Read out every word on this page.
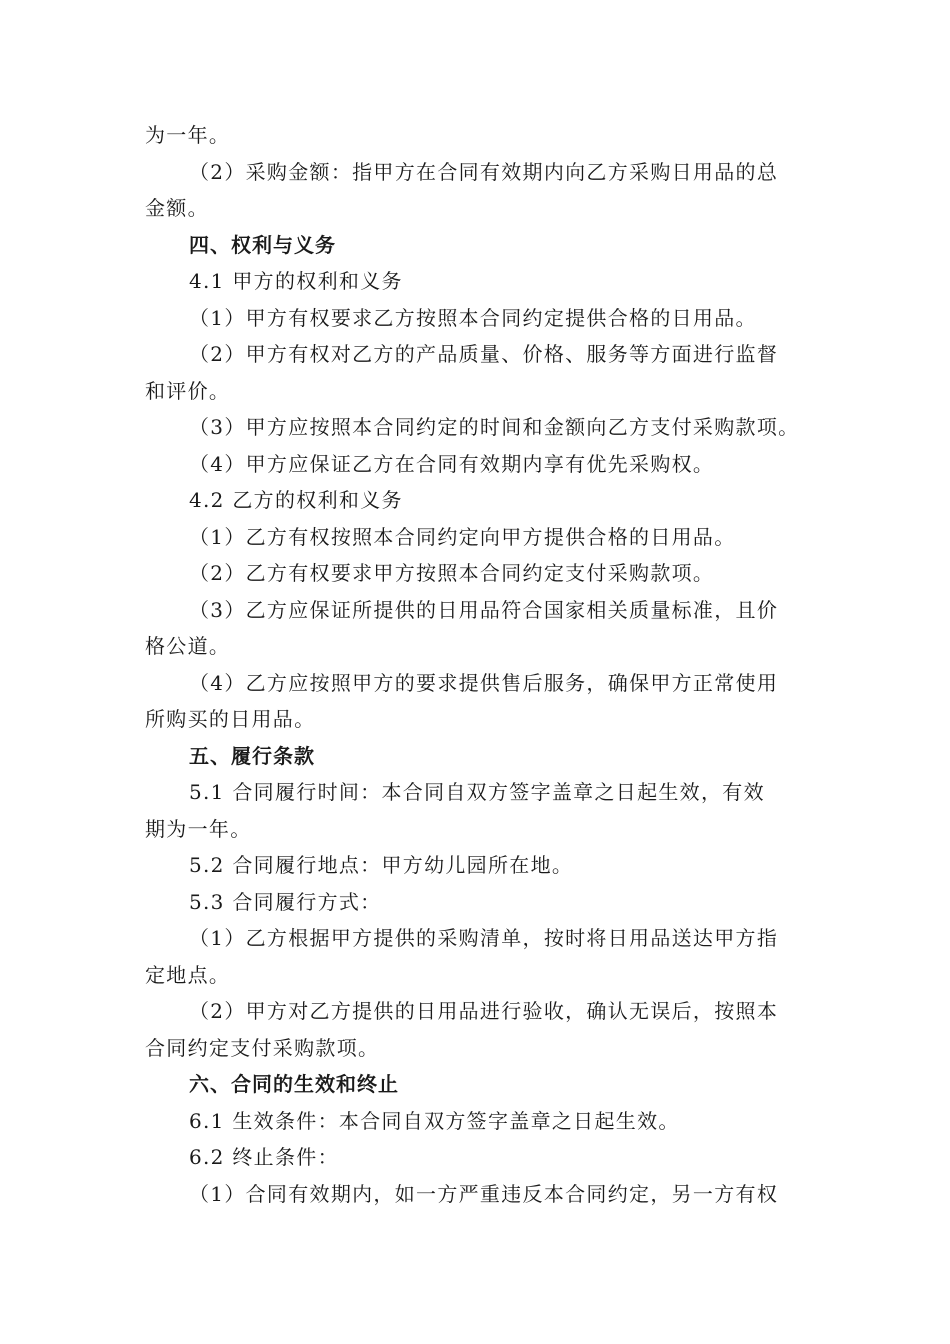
为一年。
（2）采购金额：指甲方在合同有效期内向乙方采购日用品的总
金额。
四、权利与义务
4.1 甲方的权利和义务
（1）甲方有权要求乙方按照本合同约定提供合格的日用品。
（2）甲方有权对乙方的产品质量、价格、服务等方面进行监督
和评价。
（3）甲方应按照本合同约定的时间和金额向乙方支付采购款项。
（4）甲方应保证乙方在合同有效期内享有优先采购权。
4.2 乙方的权利和义务
（1）乙方有权按照本合同约定向甲方提供合格的日用品。
（2）乙方有权要求甲方按照本合同约定支付采购款项。
（3）乙方应保证所提供的日用品符合国家相关质量标准，且价
格公道。
（4）乙方应按照甲方的要求提供售后服务，确保甲方正常使用
所购买的日用品。
五、履行条款
5.1 合同履行时间：本合同自双方签字盖章之日起生效，有效
期为一年。
5.2 合同履行地点：甲方幼儿园所在地。
5.3 合同履行方式：
（1）乙方根据甲方提供的采购清单，按时将日用品送达甲方指
定地点。
（2）甲方对乙方提供的日用品进行验收，确认无误后，按照本
合同约定支付采购款项。
六、合同的生效和终止
6.1 生效条件：本合同自双方签字盖章之日起生效。
6.2 终止条件：
（1）合同有效期内，如一方严重违反本合同约定，另一方有权
